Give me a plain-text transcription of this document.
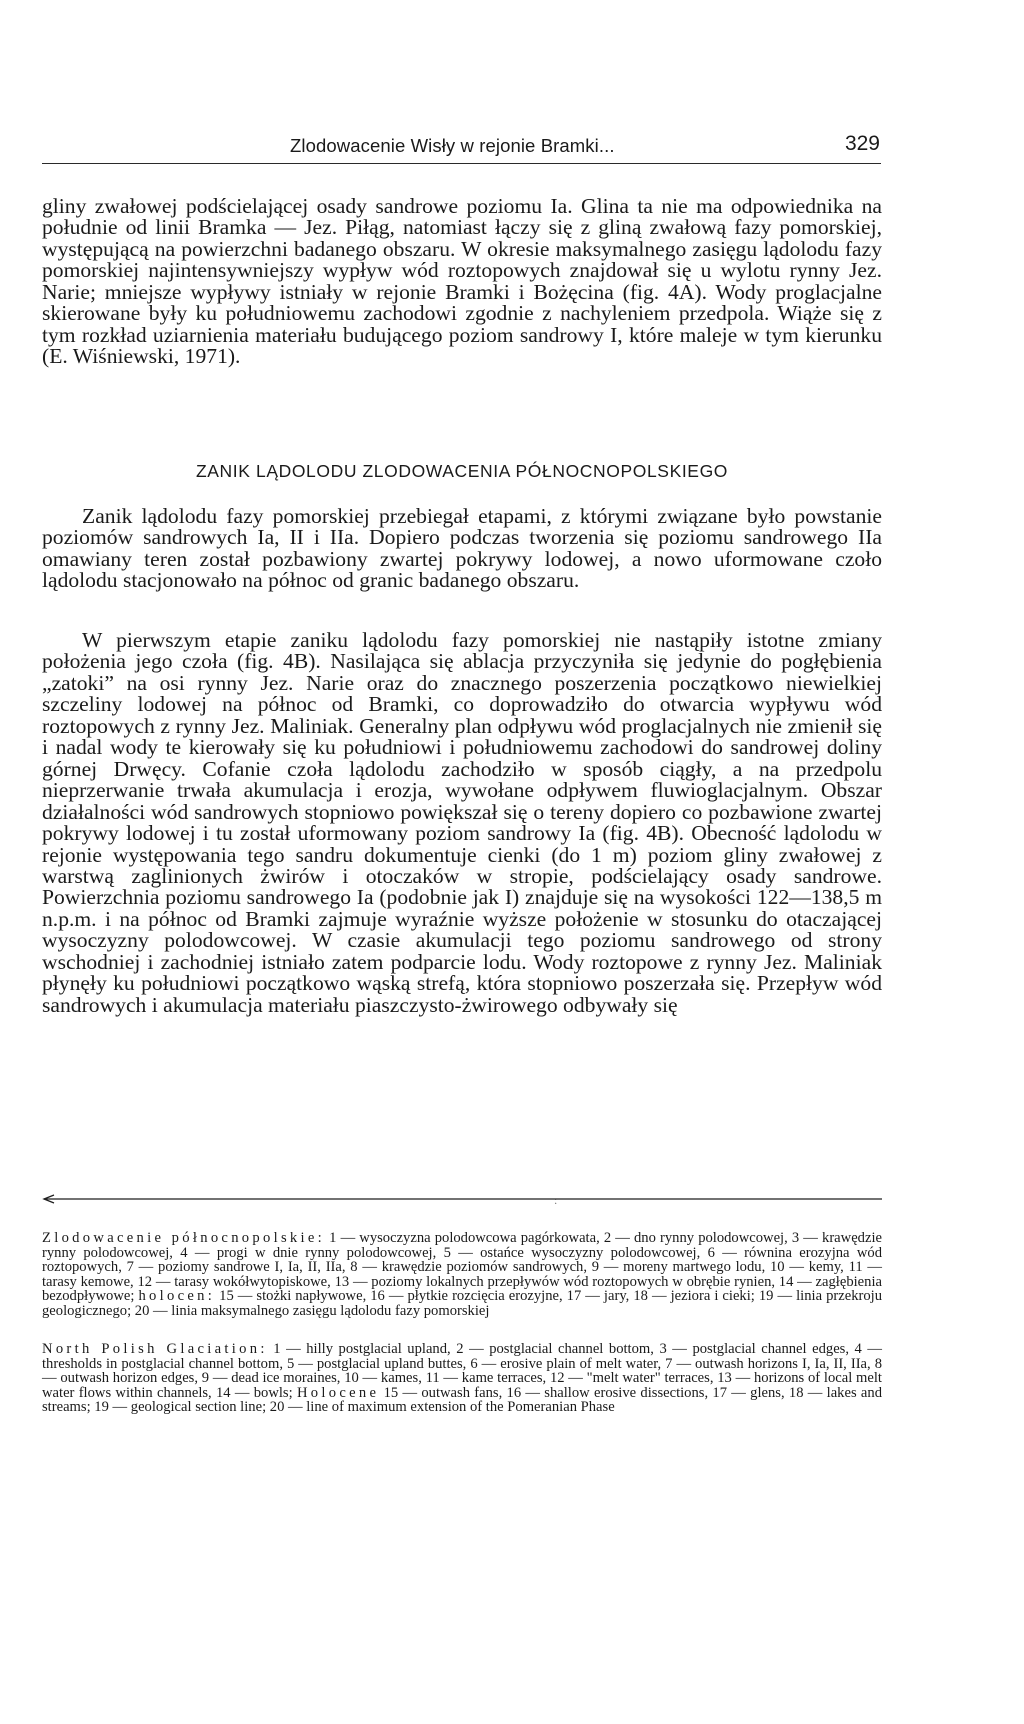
Zlodowacenie Wisły w rejonie Bramki...	329

gliny zwałowej podścielającej osady sandrowe poziomu Ia. Glina ta nie ma odpowiednika na południe od linii Bramka — Jez. Piłąg, natomiast łączy się z gliną zwałową fazy pomorskiej, występującą na powierzchni badanego obszaru. W okresie maksymalnego zasięgu lądolodu fazy pomorskiej najintensywniejszy wypływ wód roztopowych znajdował się u wylotu rynny Jez. Narie; mniejsze wypływy istniały w rejonie Bramki i Bożęcina (fig. 4A). Wody proglacjalne skierowane były ku południowemu zachodowi zgodnie z nachyleniem przedpola. Wiąże się z tym rozkład uziarnienia materiału budującego poziom sandrowy I, które maleje w tym kierunku (E. Wiśniewski, 1971).

ZANIK LĄDOLODU ZLODOWACENIA PÓŁNOCNOPOLSKIEGO

Zanik lądolodu fazy pomorskiej przebiegał etapami, z którymi związane było powstanie poziomów sandrowych Ia, II i IIa. Dopiero podczas tworzenia się poziomu sandrowego IIa omawiany teren został pozbawiony zwartej pokrywy lodowej, a nowo uformowane czoło lądolodu stacjonowało na północ od granic badanego obszaru.

W pierwszym etapie zaniku lądolodu fazy pomorskiej nie nastąpiły istotne zmiany położenia jego czoła (fig. 4B). Nasilająca się ablacja przyczyniła się jedynie do pogłębienia „zatoki” na osi rynny Jez. Narie oraz do znacznego poszerzenia początkowo niewielkiej szczeliny lodowej na północ od Bramki, co doprowadziło do otwarcia wypływu wód roztopowych z rynny Jez. Maliniak. Generalny plan odpływu wód proglacjalnych nie zmienił się i nadal wody te kierowały się ku południowi i południowemu zachodowi do sandrowej doliny górnej Drwęcy. Cofanie czoła lądolodu zachodziło w sposób ciągły, a na przedpolu nieprzerwanie trwała akumulacja i erozja, wywołane odpływem fluwioglacjalnym. Obszar działalności wód sandrowych stopniowo powiększał się o tereny dopiero co pozbawione zwartej pokrywy lodowej i tu został uformowany poziom sandrowy Ia (fig. 4B). Obecność lądolodu w rejonie występowania tego sandru dokumentuje cienki (do 1 m) poziom gliny zwałowej z warstwą zaglinionych żwirów i otoczaków w stropie, podścielający osady sandrowe. Powierzchnia poziomu sandrowego Ia (podobnie jak I) znajduje się na wysokości 122—138,5 m n.p.m. i na północ od Bramki zajmuje wyraźnie wyższe położenie w stosunku do otaczającej wysoczyzny polodowcowej. W czasie akumulacji tego poziomu sandrowego od strony wschodniej i zachodniej istniało zatem podparcie lodu. Wody roztopowe z rynny Jez. Maliniak płynęły ku południowi początkowo wąską strefą, która stopniowo poszerzała się. Przepływ wód sandrowych i akumulacja materiału piaszczysto-żwirowego odbywały się

:

Zlodowacenie północnopolskie: 1 — wysoczyzna polodowcowa pagórkowata, 2 — dno rynny polodowcowej, 3 — krawędzie rynny polodowcowej, 4 — progi w dnie rynny polodowcowej, 5 — ostańce wysoczyzny polodowcowej, 6 — równina erozyjna wód roztopowych, 7 — poziomy sandrowe I, Ia, II, IIa, 8 — krawędzie poziomów sandrowych, 9 — moreny martwego lodu, 10 — kemy, 11 — tarasy kemowe, 12 — tarasy wokółwytopiskowe, 13 — poziomy lokalnych przepływów wód roztopowych w obrębie rynien, 14 — zagłębienia bezodpływowe; holocen: 15 — stożki napływowe, 16 — płytkie rozcięcia erozyjne, 17 — jary, 18 — jeziora i cieki; 19 — linia przekroju geologicznego; 20 — linia maksymalnego zasięgu lądolodu fazy pomorskiej

North Polish Glaciation: 1 — hilly postglacial upland, 2 — postglacial channel bottom, 3 — postglacial channel edges, 4 — thresholds in postglacial channel bottom, 5 — postglacial upland buttes, 6 — erosive plain of melt water, 7 — outwash horizons I, Ia, II, IIa, 8 — outwash horizon edges, 9 — dead ice moraines, 10 — kames, 11 — kame terraces, 12 — "melt water" terraces, 13 — horizons of local melt water flows within channels, 14 — bowls; Holocene 15 — outwash fans, 16 — shallow erosive dissections, 17 — glens, 18 — lakes and streams; 19 — geological section line; 20 — line of maximum extension of the Pomeranian Phase
